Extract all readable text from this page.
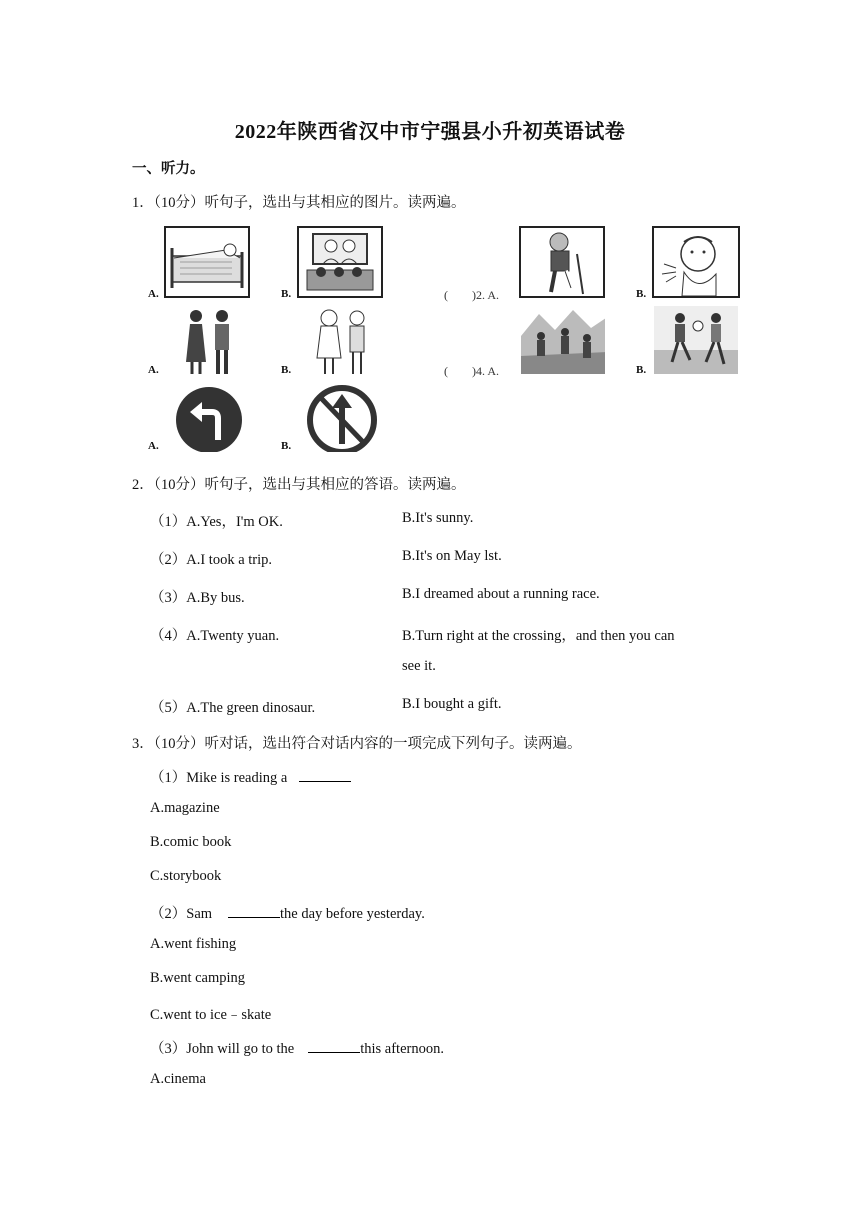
2022年陕西省汉中市宁强县小升初英语试卷
一、听力。
1．（10分）听句子，选出与其相应的图片。读两遍。
A.	B.	(　　)2. A.	B.
A.	B.	(　　)4. A.	B.
A.	B.
2．（10分）听句子，选出与其相应的答语。读两遍。
（1）A.Yes，I'm OK.	B.It's sunny.
（2）A.I took a trip.	B.It's on May lst.
（3）A.By bus.	B.I dreamed about a running race.
（4）A.Twenty yuan.	B.Turn right at the crossing，and then you can
see it.
（5）A.The green dinosaur.	B.I bought a gift.
3．（10分）听对话，选出符合对话内容的一项完成下列句子。读两遍。
（1）Mike is reading a
A.magazine
B.comic book
C.storybook
（2）Sam	the day before yesterday.
A.went fishing
B.went camping
C.went to ice﹣skate
（3）John will go to the	this afternoon.
A.cinema
